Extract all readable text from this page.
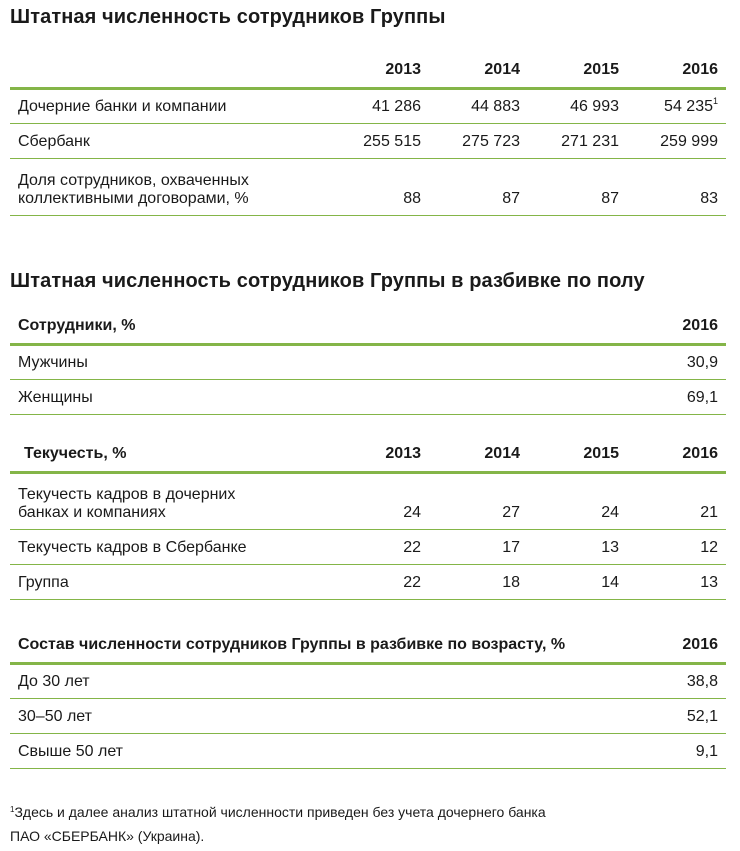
Штатная численность сотрудников Группы
	2013	2014	2015	2016
Дочерние банки и компании	41 286	44 883	46 993	54 $235^1$
Сбербанк	255 515	275 723	271 231	259 999
Доля сотрудников, охваченных
коллективными договорами, %	88	87	87	83
Штатная численность сотрудников Группы в разбивке по полу
Сотрудники, %	2016
Мужчины	30,9
Женщины	69,1
Текучесть, %	2013	2014	2015	2016
Текучесть кадров в дочерних
банках и компаниях	24	27	24	21
Текучесть кадров в Сбербанке	22	17	13	12
Группа	22	18	14	13
Состав численности сотрудников Группы в разбивке по возрасту, %	2016
До 30 лет	38,8
30–50 лет	52,1
Свыше 50 лет	9,1
$^1$Здесь и далее анализ штатной численности приведен без учета дочернего банка
ПАО «СБЕРБАНК» (Украина).
